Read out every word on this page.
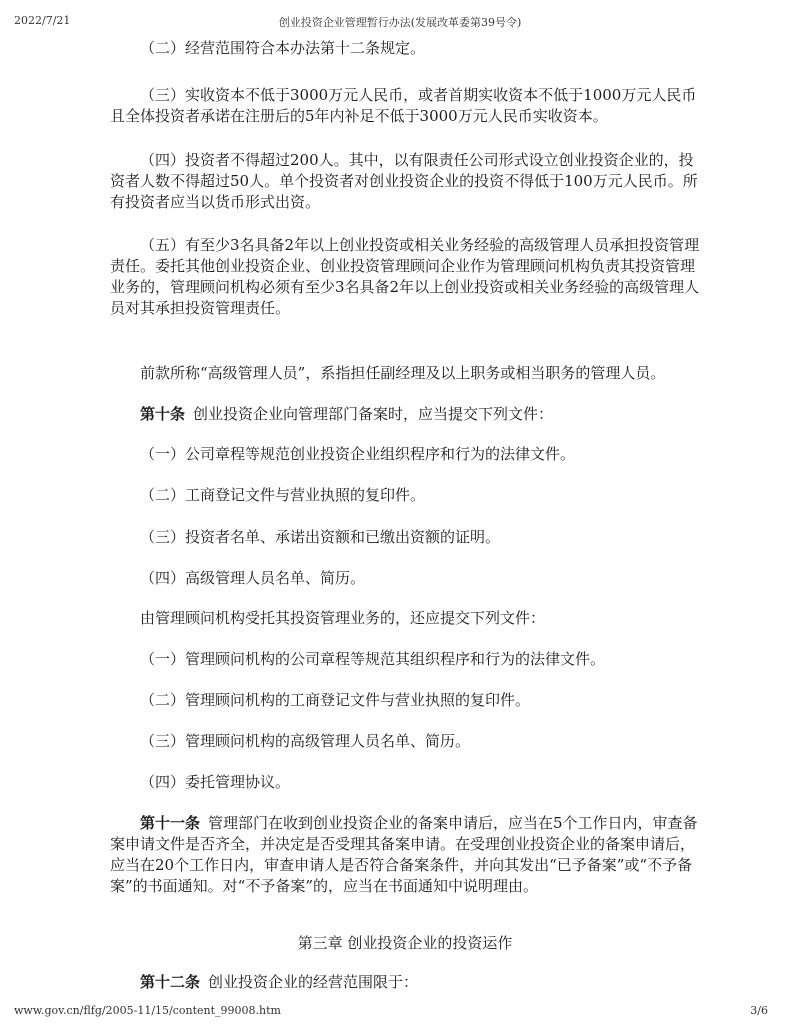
2022/7/21	创业投资企业管理暂行办法(发展改革委第39号令)

（二）经营范围符合本办法第十二条规定。

（三）实收资本不低于3000万元人民币，或者首期实收资本不低于1000万元人民币且全体投资者承诺在注册后的5年内补足不低于3000万元人民币实收资本。

（四）投资者不得超过200人。其中，以有限责任公司形式设立创业投资企业的，投资者人数不得超过50人。单个投资者对创业投资企业的投资不得低于100万元人民币。所有投资者应当以货币形式出资。

（五）有至少3名具备2年以上创业投资或相关业务经验的高级管理人员承担投资管理责任。委托其他创业投资企业、创业投资管理顾问企业作为管理顾问机构负责其投资管理业务的，管理顾问机构必须有至少3名具备2年以上创业投资或相关业务经验的高级管理人员对其承担投资管理责任。

前款所称“高级管理人员”，系指担任副经理及以上职务或相当职务的管理人员。

第十条 创业投资企业向管理部门备案时，应当提交下列文件：

（一）公司章程等规范创业投资企业组织程序和行为的法律文件。

（二）工商登记文件与营业执照的复印件。

（三）投资者名单、承诺出资额和已缴出资额的证明。

（四）高级管理人员名单、简历。

由管理顾问机构受托其投资管理业务的，还应提交下列文件：

（一）管理顾问机构的公司章程等规范其组织程序和行为的法律文件。

（二）管理顾问机构的工商登记文件与营业执照的复印件。

（三）管理顾问机构的高级管理人员名单、简历。

（四）委托管理协议。

第十一条 管理部门在收到创业投资企业的备案申请后，应当在5个工作日内，审查备案申请文件是否齐全，并决定是否受理其备案申请。在受理创业投资企业的备案申请后，应当在20个工作日内，审查申请人是否符合备案条件，并向其发出“已予备案”或“不予备案”的书面通知。对“不予备案”的，应当在书面通知中说明理由。

第三章 创业投资企业的投资运作

第十二条 创业投资企业的经营范围限于：

www.gov.cn/flfg/2005-11/15/content_99008.htm	3/6
